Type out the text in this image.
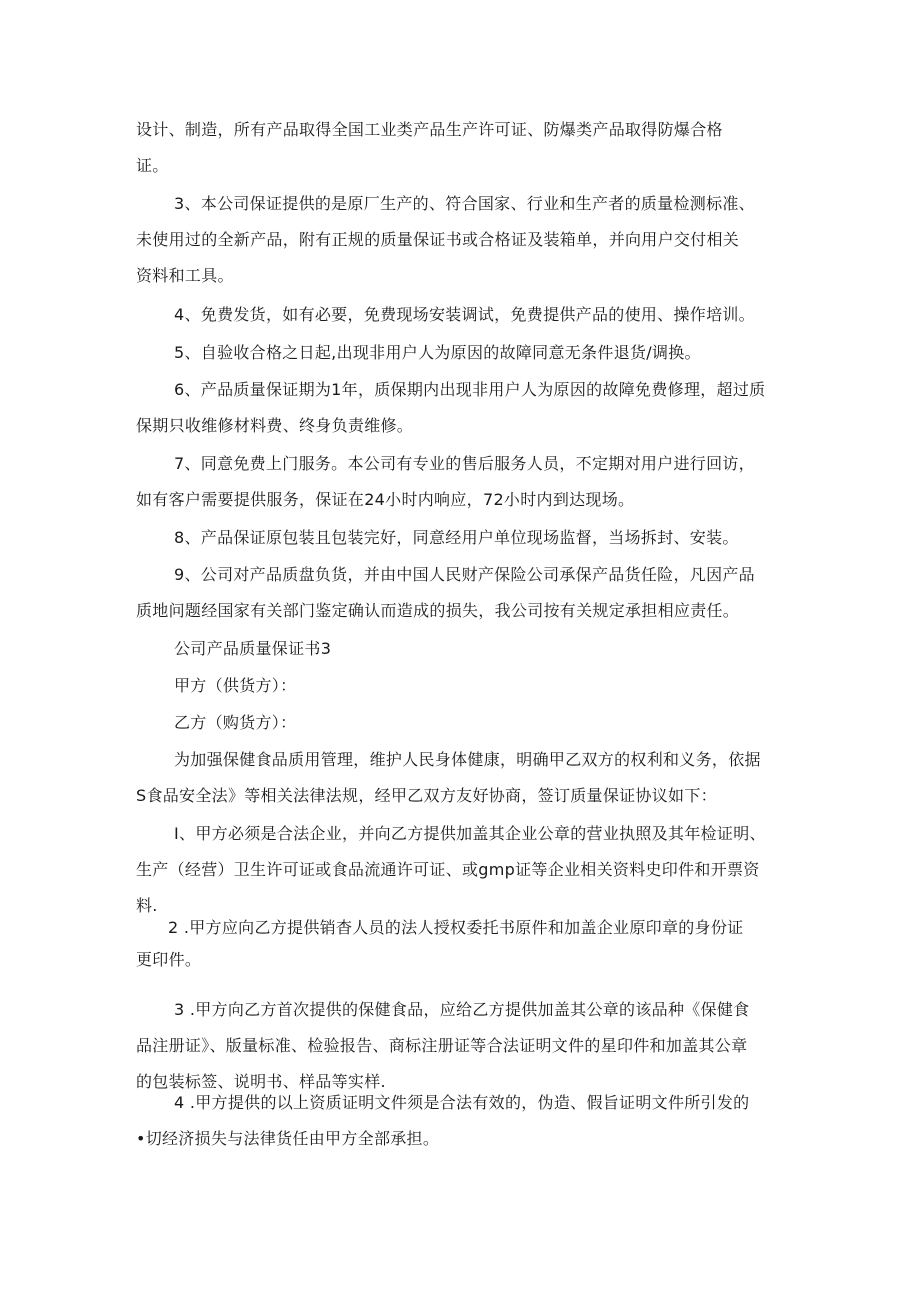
设计、制造，所有产品取得全国工业类产品生产许可证、防爆类产品取得防爆合格
证。
3、本公司保证提供的是原厂生产的、符合国家、行业和生产者的质量检测标准、
未使用过的全新产品，附有正规的质量保证书或合格证及装箱单，并向用户交付相关
资料和工具。
4、免费发货，如有必要，免费现场安装调试，免费提供产品的使用、操作培训。
5、自验收合格之日起,出现非用户人为原因的故障同意无条件退货/调换。
6、产品质量保证期为1年，质保期内出现非用户人为原因的故障免费修理，超过质
保期只收维修材料费、终身负责维修。
7、同意免费上门服务。本公司有专业的售后服务人员，不定期对用户进行回访，
如有客户需要提供服务，保证在24小时内响应，72小时内到达现场。
8、产品保证原包装且包装完好，同意经用户单位现场监督，当场拆封、安装。
9、公司对产品质盘负货，并由中国人民财产保险公司承保产品货任险，凡因产品
质地问题经国家有关部门鉴定确认而造成的损失，我公司按有关规定承担相应责任。
公司产品质量保证书3
甲方（供货方）：
乙方（购货方）：
为加强保健食品质用管理，维护人民身体健康，明确甲乙双方的权利和义务，依据
S食品安全法》等相关法律法规，经甲乙双方友好协商，签订质量保证协议如下：
I、甲方必须是合法企业，并向乙方提供加盖其企业公章的营业执照及其年检证明、
生产（经营）卫生许可证或食品流通许可证、或gmp证等企业相关资料史印件和开票资
料.
2 .甲方应向乙方提供销杳人员的法人授权委托书原件和加盖企业原印章的身份证
更印件。
3 .甲方向乙方首次提供的保健食品，应给乙方提供加盖其公章的该品种《保健食
品注册证》、版量标准、检验报告、商标注册证等合法证明文件的星印件和加盖其公章
的包装标签、说明书、样品等实样.
4 .甲方提供的以上资质证明文件须是合法有效的，伪造、假旨证明文件所引发的
•切经济损失与法律货任由甲方全部承担。
